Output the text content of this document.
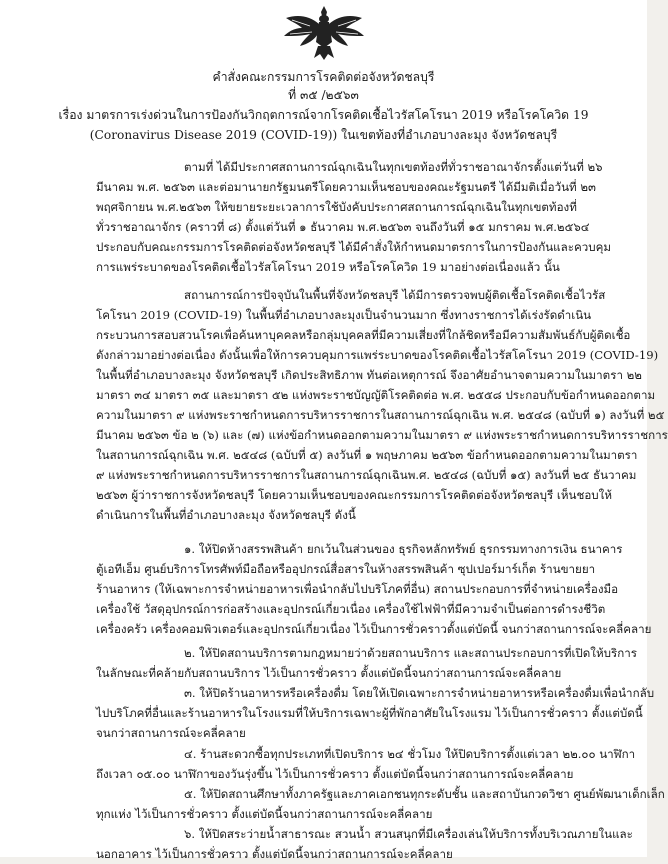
คำสั่งคณะกรรมการโรคติดต่อจังหวัดชลบุรี
ที่ ๓๕ /๒๕๖๓
เรื่อง มาตรการเร่งด่วนในการป้องกันวิกฤตการณ์จากโรคติดเชื้อไวรัสโคโรนา 2019 หรือโรคโควิด 19
(Coronavirus Disease 2019 (COVID-19)) ในเขตท้องที่อำเภอบางละมุง จังหวัดชลบุรี
ตามที่ ได้มีประกาศสถานการณ์ฉุกเฉินในทุกเขตท้องที่ทั่วราชอาณาจักรตั้งแต่วันที่ ๒๖
มีนาคม พ.ศ. ๒๕๖๓ และต่อมานายกรัฐมนตรีโดยความเห็นชอบของคณะรัฐมนตรี ได้มีมติเมื่อวันที่ ๒๓
พฤศจิกายน พ.ศ.๒๕๖๓ ให้ขยายระยะเวลาการใช้บังคับประกาศสถานการณ์ฉุกเฉินในทุกเขตท้องที่
ทั่วราชอาณาจักร (คราวที่ ๘) ตั้งแต่วันที่ ๑ ธันวาคม พ.ศ.๒๕๖๓ จนถึงวันที่ ๑๕ มกราคม พ.ศ.๒๕๖๔
ประกอบกับคณะกรรมการโรคติดต่อจังหวัดชลบุรี ได้มีคำสั่งให้กำหนดมาตรการในการป้องกันและควบคุม
การแพร่ระบาดของโรคติดเชื้อไวรัสโคโรนา 2019 หรือโรคโควิด 19 มาอย่างต่อเนื่องแล้ว นั้น
สถานการณ์การปัจจุบันในพื้นที่จังหวัดชลบุรี ได้มีการตรวจพบผู้ติดเชื้อโรคติดเชื้อไวรัส
โคโรนา 2019 (COVID-19) ในพื้นที่อำเภอบางละมุงเป็นจำนวนมาก ซึ่งทางราชการได้เร่งรัดดำเนิน
กระบวนการสอบสวนโรคเพื่อค้นหาบุคคลหรือกลุ่มบุคคลที่มีความเสี่ยงที่ใกล้ชิดหรือมีความสัมพันธ์กับผู้ติดเชื้อ
ดังกล่าวมาอย่างต่อเนื่อง ดังนั้นเพื่อให้การควบคุมการแพร่ระบาดของโรคติดเชื้อไวรัสโคโรนา 2019 (COVID-19)
ในพื้นที่อำเภอบางละมุง จังหวัดชลบุรี เกิดประสิทธิภาพ ทันต่อเหตุการณ์ จึงอาศัยอำนาจตามความในมาตรา ๒๒
มาตรา ๓๔ มาตรา ๓๕ และมาตรา ๕๒ แห่งพระราชบัญญัติโรคติดต่อ พ.ศ. ๒๕๕๘ ประกอบกับข้อกำหนดออกตาม
ความในมาตรา ๙ แห่งพระราชกำหนดการบริหารราชการในสถานการณ์ฉุกเฉิน พ.ศ. ๒๕๔๘ (ฉบับที่ ๑) ลงวันที่ ๒๕
มีนาคม ๒๕๖๓ ข้อ ๒ (๖) และ (๗) แห่งข้อกำหนดออกตามความในมาตรา ๙ แห่งพระราชกำหนดการบริหารราชการ
ในสถานการณ์ฉุกเฉิน พ.ศ. ๒๕๔๘ (ฉบับที่ ๕) ลงวันที่ ๑ พฤษภาคม ๒๕๖๓ ข้อกำหนดออกตามความในมาตรา
๙ แห่งพระราชกำหนดการบริหารราชการในสถานการณ์ฉุกเฉินพ.ศ. ๒๕๔๘ (ฉบับที่ ๑๕) ลงวันที่ ๒๕ ธันวาคม
๒๕๖๓ ผู้ว่าราชการจังหวัดชลบุรี โดยความเห็นชอบของคณะกรรมการโรคติดต่อจังหวัดชลบุรี เห็นชอบให้
ดำเนินการในพื้นที่อำเภอบางละมุง จังหวัดชลบุรี ดังนี้
๑. ให้ปิดห้างสรรพสินค้า ยกเว้นในส่วนของ ธุรกิจหลักทรัพย์ ธุรกรรมทางการเงิน ธนาคาร
ตู้เอทีเอ็ม ศูนย์บริการโทรศัพท์มือถือหรืออุปกรณ์สื่อสารในห้างสรรพสินค้า ซุปเปอร์มาร์เก็ต ร้านขายยา
ร้านอาหาร (ให้เฉพาะการจำหน่ายอาหารเพื่อนำกลับไปบริโภคที่อื่น) สถานประกอบการที่จำหน่ายเครื่องมือ
เครื่องใช้ วัสดุอุปกรณ์การก่อสร้างและอุปกรณ์เกี่ยวเนื่อง เครื่องใช้ไฟฟ้าที่มีความจำเป็นต่อการดำรงชีวิต
เครื่องครัว เครื่องคอมพิวเตอร์และอุปกรณ์เกี่ยวเนื่อง ไว้เป็นการชั่วคราวตั้งแต่บัดนี้ จนกว่าสถานการณ์จะคลี่คลาย
๒. ให้ปิดสถานบริการตามกฎหมายว่าด้วยสถานบริการ และสถานประกอบการที่เปิดให้บริการ
ในลักษณะที่คล้ายกับสถานบริการ ไว้เป็นการชั่วคราว ตั้งแต่บัดนี้จนกว่าสถานการณ์จะคลี่คลาย
๓. ให้ปิดร้านอาหารหรือเครื่องดื่ม โดยให้เปิดเฉพาะการจำหน่ายอาหารหรือเครื่องดื่มเพื่อนำกลับ
ไปบริโภคที่อื่นและร้านอาหารในโรงแรมที่ให้บริการเฉพาะผู้ที่พักอาศัยในโรงแรม ไว้เป็นการชั่วคราว ตั้งแต่บัดนี้
จนกว่าสถานการณ์จะคลี่คลาย
๔. ร้านสะดวกซื้อทุกประเภทที่เปิดบริการ ๒๔ ชั่วโมง ให้ปิดบริการตั้งแต่เวลา ๒๒.๐๐ นาฬิกา
ถึงเวลา ๐๕.๐๐ นาฬิกาของวันรุ่งขึ้น ไว้เป็นการชั่วคราว ตั้งแต่บัดนี้จนกว่าสถานการณ์จะคลี่คลาย
๕. ให้ปิดสถานศึกษาทั้งภาครัฐและภาคเอกชนทุกระดับชั้น และสถาบันกวดวิชา ศูนย์พัฒนาเด็กเล็ก
ทุกแห่ง ไว้เป็นการชั่วคราว ตั้งแต่บัดนี้จนกว่าสถานการณ์จะคลี่คลาย
๖. ให้ปิดสระว่ายน้ำสาธารณะ สวนน้ำ สวนสนุกที่มีเครื่องเล่นให้บริการทั้งบริเวณภายในและ
นอกอาคาร ไว้เป็นการชั่วคราว ตั้งแต่บัดนี้จนกว่าสถานการณ์จะคลี่คลาย
